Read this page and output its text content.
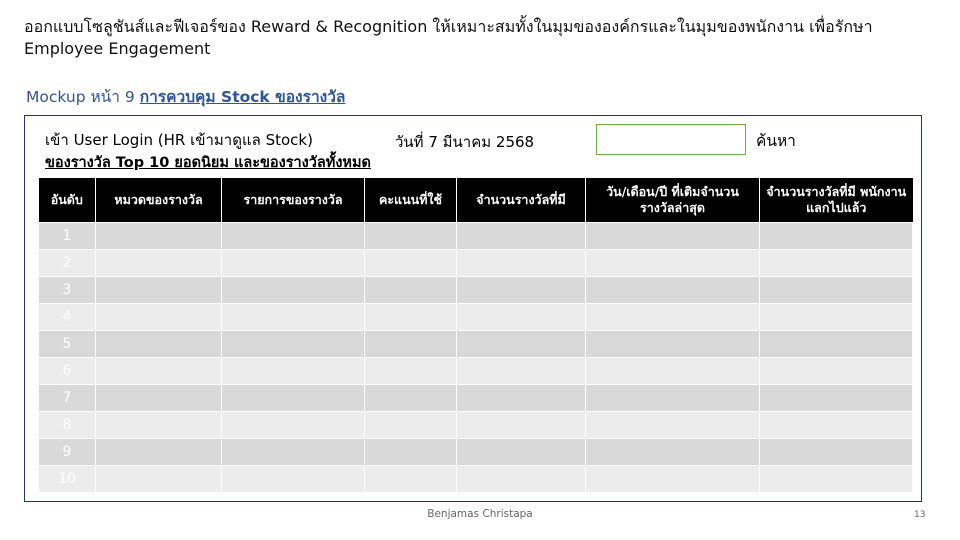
ออกแบบโซลูชันส์และฟีเจอร์ของ Reward & Recognition ให้เหมาะสมทั้งในมุมขององค์กรและในมุมของพนักงาน เพื่อรักษา Employee Engagement
Mockup หน้า 9 การควบคุม Stock ของรางวัล
เข้า User Login (HR เข้ามาดูแล Stock)	วันที่ 7 มีนาคม 2568	ค้นหา
ของรางวัล Top 10 ยอดนิยม และของรางวัลทั้งหมด
อันดับ	หมวดของรางวัล	รายการของรางวัล	คะแนนที่ใช้	จำนวนรางวัลที่มี	วัน/เดือน/ปี ที่เติมจำนวนรางวัลล่าสุด	จำนวนรางวัลที่มี พนักงานแลกไปแล้ว
1						
2						
3						
4						
5						
6						
7						
8						
9						
10						
Benjamas Christapa	13
